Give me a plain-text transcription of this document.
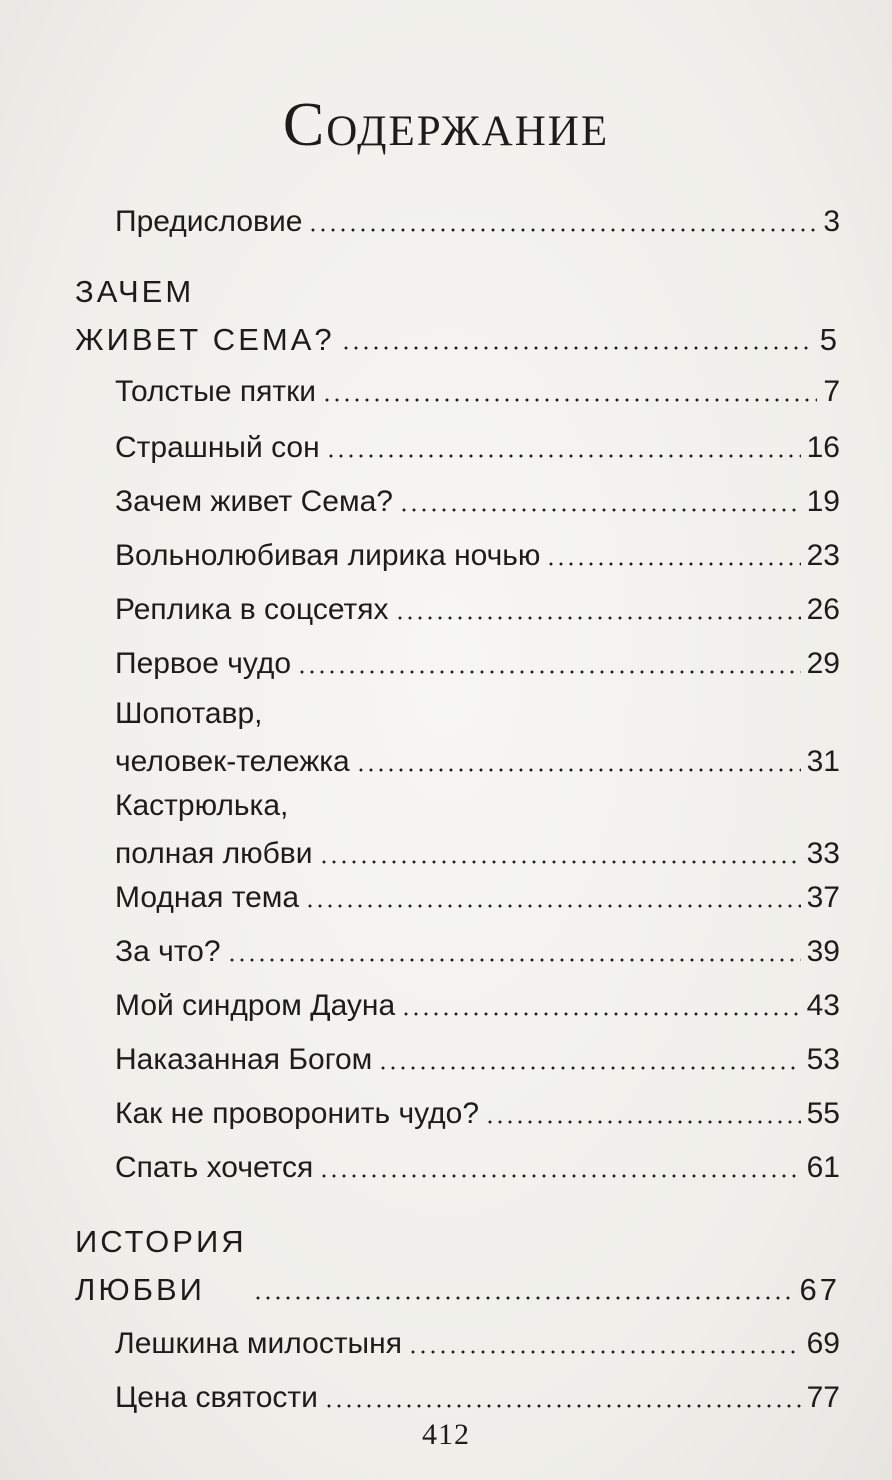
Содержание
Предисловие	3
ЗАЧЕМ
ЖИВЕТ СЕМА?	5
Толстые пятки	7
Страшный сон	16
Зачем живет Сема?	19
Вольнолюбивая лирика ночью	23
Реплика в соцсетях	26
Первое чудо	29
Шопотавр,
человек-тележка	31
Кастрюлька,
полная любви	33
Модная тема	37
За что?	39
Мой синдром Дауна	43
Наказанная Богом	53
Как не проворонить чудо?	55
Спать хочется	61
ИСТОРИЯ
ЛЮБВИ	67
Лешкина милостыня	69
Цена святости	77
412
